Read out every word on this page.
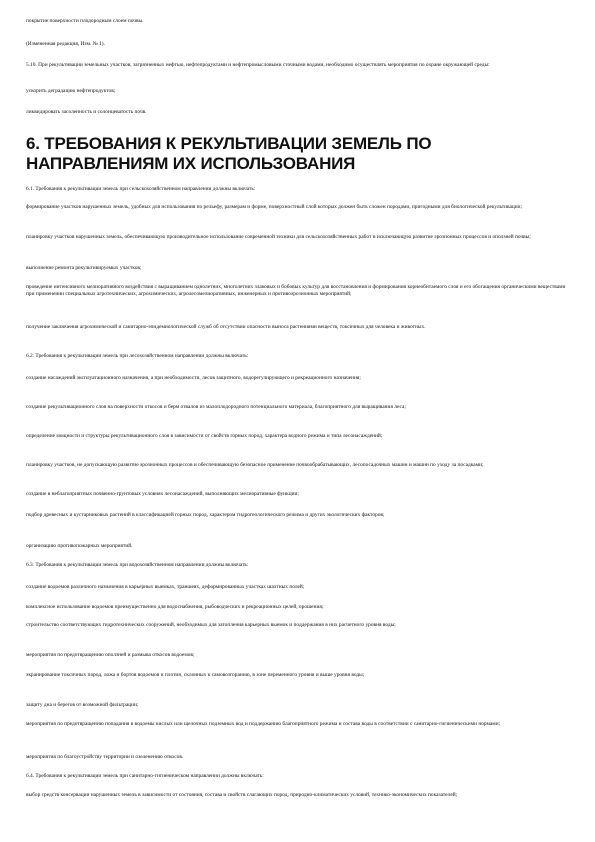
покрытие поверхности плодородным слоем почвы.
(Измененная редакция, Изм. № 1).
5.10. При рекультивации земельных участков, загрязненных нефтью, нефтепродуктами и нефтепромысловыми сточными водами, необходимо осуществлять мероприятия по охране окружающей среды:
ускорить деградацию нефтепродуктов;
ликвидировать засоленность и солонцеватость почв.
6. ТРЕБОВАНИЯ К РЕКУЛЬТИВАЦИИ ЗЕМЕЛЬ ПО НАПРАВЛЕНИЯМ ИХ ИСПОЛЬЗОВАНИЯ
6.1. Требования к рекультивации земель при сельскохозяйственном направлении должны включать:
формирование участков нарушенных земель, удобных для использования по рельефу, размерам и форме, поверхностный слой которых должен быть сложен породами, пригодными для биологической рекультивации;
планировку участков нарушенных земель, обеспечивающую производительное использование современной техники для сельскохозяйственных работ и исключающую развитие эрозионных процессов и оползней почвы;
выполнение ремонта рекультивируемых участков;
проведение интенсивного мелиоративного воздействия с выращиванием однолетних, многолетних злаковых и бобовых культур для восстановления и формирования корнеобитаемого слоя и его обогащения органическими веществами при применении специальных агротехнических, агрохимических, агролесомелиоративных, инженерных и противоэрозионных мероприятий;
получение заключения агрохимической и санитарно-эпидемиологической служб об отсутствии опасности выноса растениями веществ, токсичных для человека и животных.
6.2. Требования к рекультивации земель при лесохозяйственном направлении должны включать:
создание насаждений эксплуатационного назначения, а при необходимости, лесов защитного, водорегулирующего и рекреационного назначения;
создание рекультивационного слоя на поверхности откосов и берм отвалов из малоплодородного потенциального материала, благоприятного для выращивания леса;
определение мощности и структуры рекультивационного слоя в зависимости от свойств горных пород, характера водного режима и типа лесонасаждений;
планировку участков, не допускающую развитие эрозионных процессов и обеспечивающую безопасное применение почвообрабатывающих, лесопосадочных машин и машин по уходу за посадками;
создание в неблагоприятных почвенно-грунтовых условиях лесонасаждений, выполняющих мелиоративные функции;
подбор древесных и кустарниковых растений в классификацией горных пород, характером гидрогеологического режима и других экологических факторов;
организацию противопожарных мероприятий.
6.3. Требования к рекультивации земель при водохозяйственном направлении должны включать:
создание водоемов различного назначения в карьерных выемках, траншеях, деформированных участках шахтных полей;
комплексное использование водоемов преимущественно для водоснабжения, рыбоводческих и рекреационных целей, орошения;
строительство соответствующих гидротехнических сооружений, необходимых для затопления карьерных выемок и поддержания в них расчетного уровня воды;
мероприятия по предотвращению оползней и размыва откосов водоемов;
экранирование токсичных пород, ложа и бортов водоемов и плотин, склонных к самовозгоранию, в зоне переменного уровня и выше уровня воды;
защиту дна и берегов от возможной фильтрации;
мероприятия по предотвращению попадания в водоемы кислых или щелочных подземных вод и поддержанию благоприятного режима и состава воды в соответствии с санитарно-гигиеническими нормами;
мероприятия по благоустройству территории и озеленению откосов.
6.4. Требования к рекультивации земель при санитарно-гигиеническом направлении должны включать:
выбор средств консервации нарушенных земель в зависимости от состояния, состава и свойств слагающих пород, природно-климатических условий, технико-экономических показателей;
